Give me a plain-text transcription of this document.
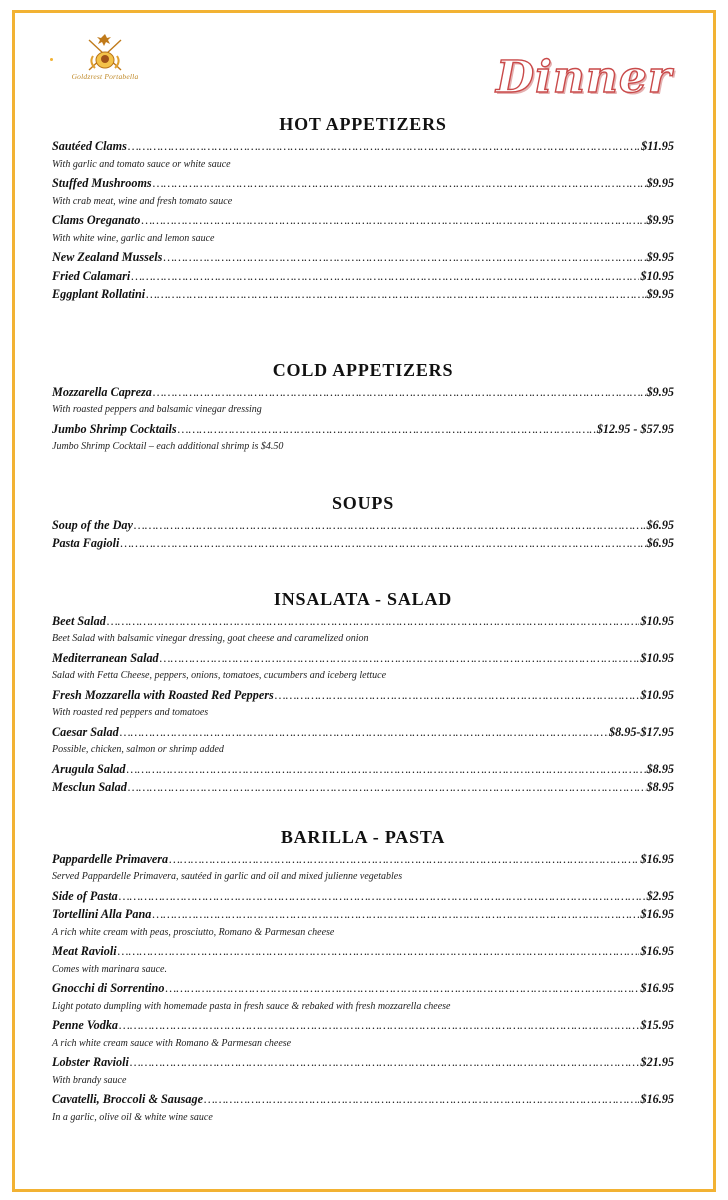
Goldzrest Portabella	Dinner
HOT APPETIZERS
Sautéed Clams …………………………………………………………………………………………………………………………………………………………………………………………………………………	$11.95
With garlic and tomato sauce or white sauce
Stuffed Mushrooms …………………………………………………………………………………………………………………………………………………………………………………………………………………	$9.95
With crab meat, wine and fresh tomato sauce
Clams Oreganato …………………………………………………………………………………………………………………………………………………………………………………………………………………	$9.95
With white wine, garlic and lemon sauce
New Zealand Mussels …………………………………………………………………………………………………………………………………………………………………………………………………………………	$9.95
Fried Calamari …………………………………………………………………………………………………………………………………………………………………………………………………………………	$10.95
Eggplant Rollatini …………………………………………………………………………………………………………………………………………………………………………………………………………………	$9.95
COLD APPETIZERS
Mozzarella Capreza …………………………………………………………………………………………………………………………………………………………………………………………………………………	$9.95
With roasted peppers and balsamic vinegar dressing
Jumbo Shrimp Cocktails …………………………………………………………………………………………………………………………………………………………………………………………………………………	$12.95 - $57.95
Jumbo Shrimp Cocktail – each additional shrimp is $4.50
SOUPS
Soup of the Day …………………………………………………………………………………………………………………………………………………………………………………………………………………	$6.95
Pasta Fagioli …………………………………………………………………………………………………………………………………………………………………………………………………………………	$6.95
INSALATA - SALAD
Beet Salad …………………………………………………………………………………………………………………………………………………………………………………………………………………	$10.95
Beet Salad with balsamic vinegar dressing, goat cheese and caramelized onion
Mediterranean Salad …………………………………………………………………………………………………………………………………………………………………………………………………………………	$10.95
Salad with Fetta Cheese, peppers, onions, tomatoes, cucumbers and iceberg lettuce
Fresh Mozzarella with Roasted Red Peppers …………………………………………………………………………………………………………………………………………………………………………………………………………………	$10.95
With roasted red peppers and tomatoes
Caesar Salad …………………………………………………………………………………………………………………………………………………………………………………………………………………	$8.95-$17.95
Possible, chicken, salmon or shrimp added
Arugula Salad …………………………………………………………………………………………………………………………………………………………………………………………………………………	$8.95
Mesclun Salad …………………………………………………………………………………………………………………………………………………………………………………………………………………	$8.95
BARILLA - PASTA
Pappardelle Primavera …………………………………………………………………………………………………………………………………………………………………………………………………………………	$16.95
Served Pappardelle Primavera, sautéed in garlic and oil and mixed julienne vegetables
Side of Pasta …………………………………………………………………………………………………………………………………………………………………………………………………………………	$2.95
Tortellini Alla Pana …………………………………………………………………………………………………………………………………………………………………………………………………………………	$16.95
A rich white cream with peas, prosciutto, Romano & Parmesan cheese
Meat Ravioli …………………………………………………………………………………………………………………………………………………………………………………………………………………	$16.95
Comes with marinara sauce.
Gnocchi di Sorrentino …………………………………………………………………………………………………………………………………………………………………………………………………………………	$16.95
Light potato dumpling with homemade pasta in fresh sauce & rebaked with fresh mozzarella cheese
Penne Vodka …………………………………………………………………………………………………………………………………………………………………………………………………………………	$15.95
A rich white cream sauce with Romano & Parmesan cheese
Lobster Ravioli …………………………………………………………………………………………………………………………………………………………………………………………………………………	$21.95
With brandy sauce
Cavatelli, Broccoli & Sausage …………………………………………………………………………………………………………………………………………………………………………………………………………………	$16.95
In a garlic, olive oil & white wine sauce
